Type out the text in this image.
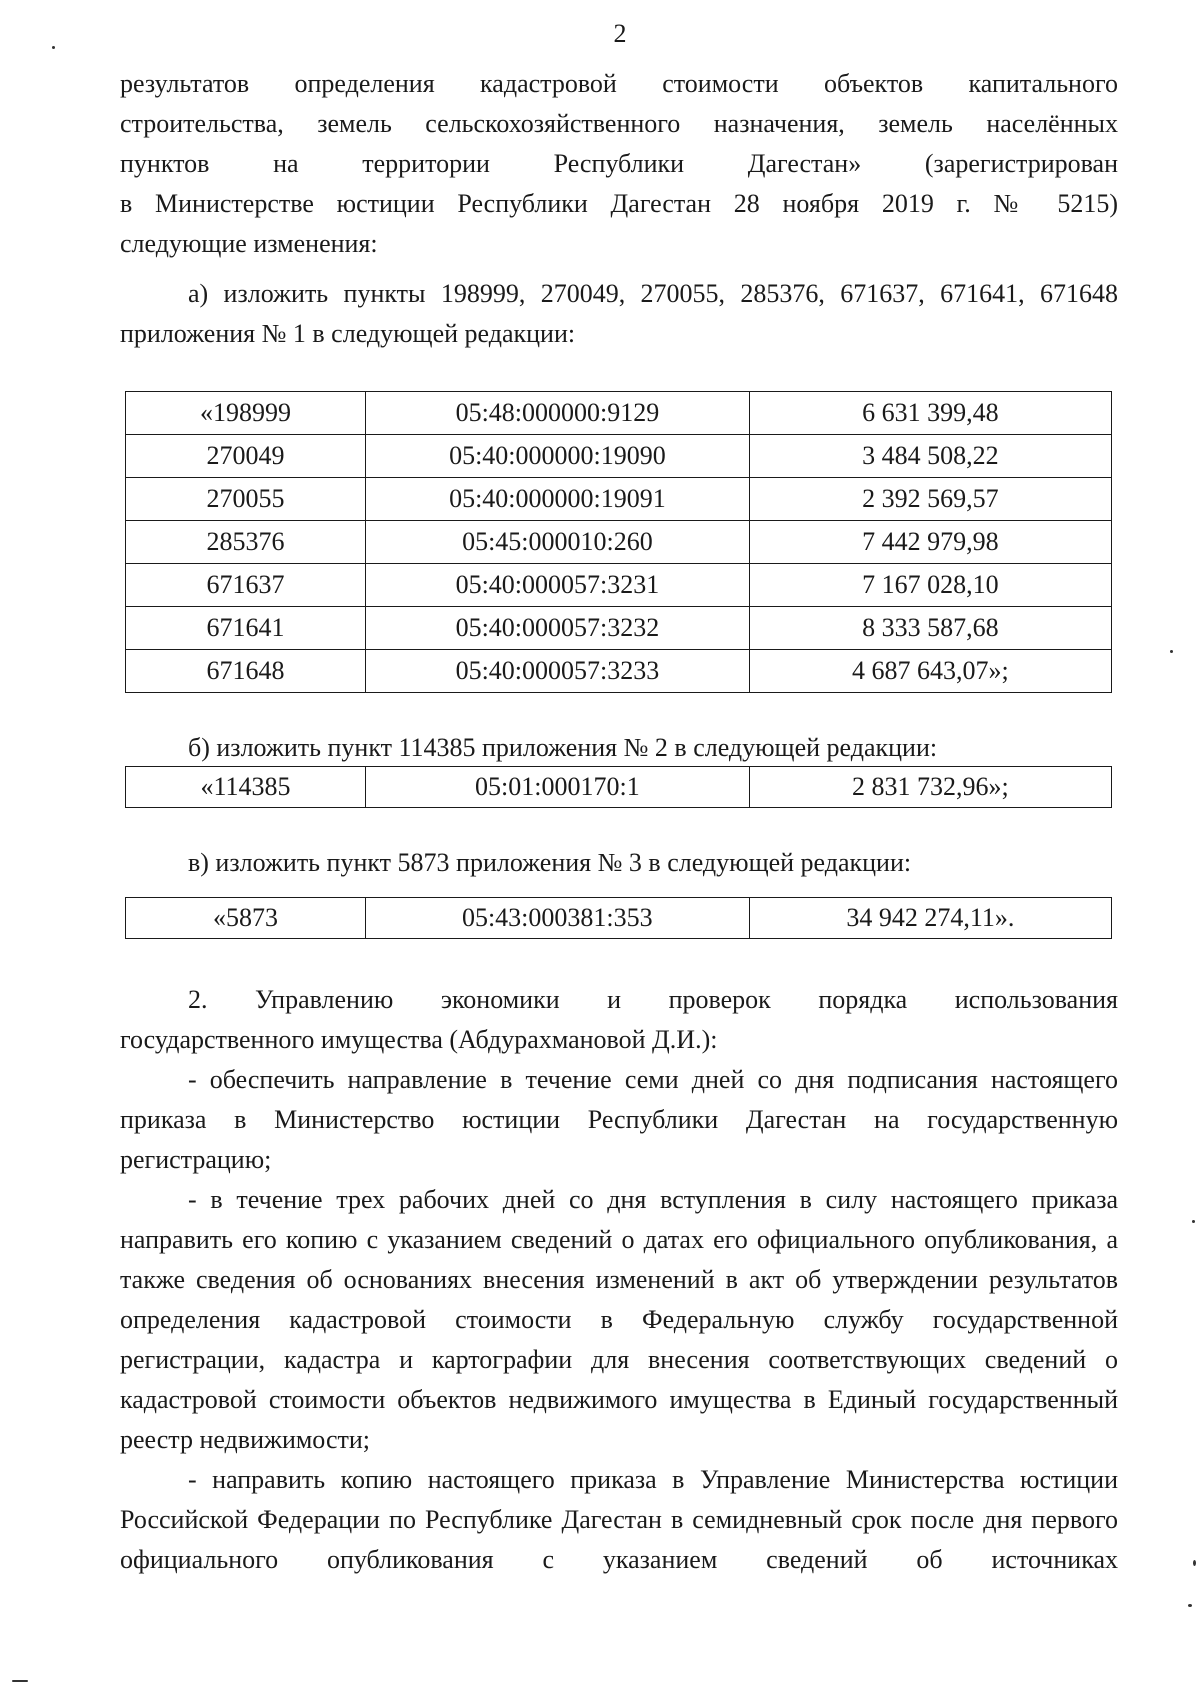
2

результатов определения кадастровой стоимости объектов капитального

строительства, земель сельскохозяйственного назначения, земель населённых

пунктов на территории Республики Дагестан» (зарегистрирован

в Министерстве юстиции Республики Дагестан 28 ноября 2019 г. № 5215)

следующие изменения:

а) изложить пункты 198999, 270049, 270055, 285376, 671637, 671641, 671648

приложения № 1 в следующей редакции:

«198999	05:48:000000:9129	6 631 399,48
270049	05:40:000000:19090	3 484 508,22
270055	05:40:000000:19091	2 392 569,57
285376	05:45:000010:260	7 442 979,98
671637	05:40:000057:3231	7 167 028,10
671641	05:40:000057:3232	8 333 587,68
671648	05:40:000057:3233	4 687 643,07»;

б) изложить пункт 114385 приложения № 2 в следующей редакции:

«114385	05:01:000170:1	2 831 732,96»;

в) изложить пункт 5873 приложения № 3 в следующей редакции:

«5873	05:43:000381:353	34 942 274,11».

2. Управлению экономики и проверок порядка использования

государственного имущества (Абдурахмановой Д.И.):

- обеспечить направление в течение семи дней со дня подписания настоящего приказа в Министерство юстиции Республики Дагестан на государственную регистрацию;

- в течение трех рабочих дней со дня вступления в силу настоящего приказа направить его копию с указанием сведений о датах его официального опубликования, а также сведения об основаниях внесения изменений в акт об утверждении результатов определения кадастровой стоимости в Федеральную службу государственной регистрации, кадастра и картографии для внесения соответствующих сведений о кадастровой стоимости объектов недвижимого имущества в Единый государственный реестр недвижимости;

- направить копию настоящего приказа в Управление Министерства юстиции Российской Федерации по Республике Дагестан в семидневный срок после дня первого официального опубликования с указанием сведений об источниках
